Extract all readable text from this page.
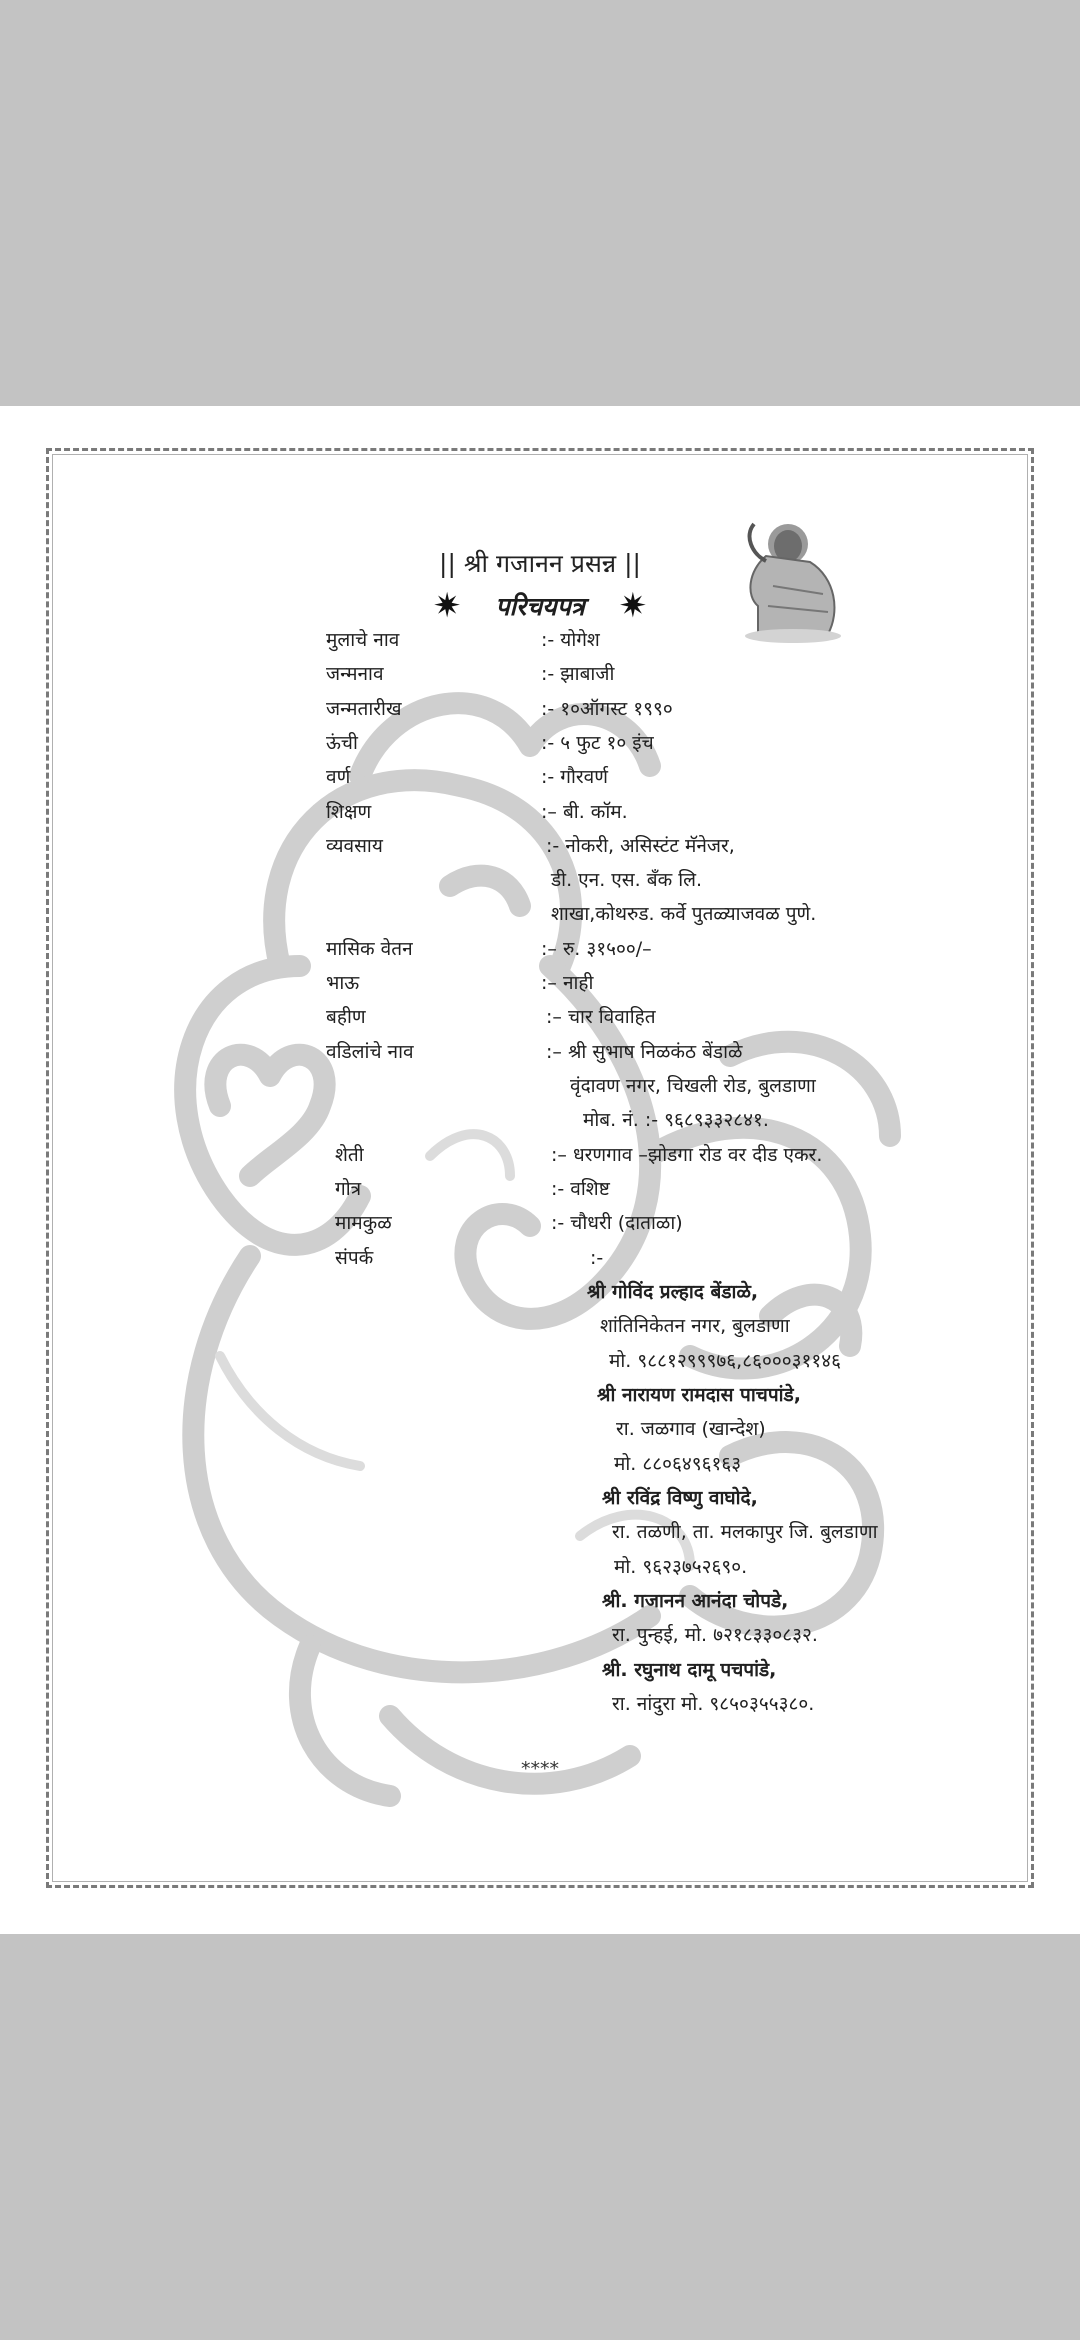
|| श्री गजानन प्रसन्न ||
✷ परिचयपत्र ✷
मुलाचे नाव	:- योगेश
जन्मनाव	:- झाबाजी
जन्मतारीख	:- १०ऑगस्ट १९९०
ऊंची	:- ५ फुट १० इंच
वर्ण	:- गौरवर्ण
शिक्षण	:– बी. कॉम.
व्यवसाय	:- नोकरी, असिस्टंट मॅनेजर,
डी. एन. एस. बँक लि.
शाखा,कोथरुड. कर्वे पुतळ्याजवळ पुणे.
मासिक वेतन	:– रु. ३१५००/–
भाऊ	:– नाही
बहीण	:– चार विवाहित
वडिलांचे नाव	:– श्री सुभाष निळकंठ बेंडाळे
वृंदावण नगर, चिखली रोड, बुलडाणा
मोब. नं. :- ९६८९३३२८४१.
शेती	:– धरणगाव –झोडगा रोड वर दीड एकर.
गोत्र	:- वशिष्ट
मामकुळ	:- चौधरी (दाताळा)
संपर्क	:-
श्री गोविंद प्रल्हाद बेंडाळे,
शांतिनिकेतन नगर, बुलडाणा
मो. ९८८१२९९९७६,८६०००३११४६
श्री नारायण रामदास पाचपांडे,
रा. जळगाव (खान्देश)
मो. ८८०६४९६१६३
श्री रविंद्र विष्णु वाघोदे,
रा. तळणी, ता. मलकापुर जि. बुलडाणा
मो. ९६२३७५२६९०.
श्री. गजानन आनंदा चोपडे,
रा. पुन्हई, मो. ७२१८३३०८३२.
श्री. रघुनाथ दामू पचपांडे,
रा. नांदुरा मो. ९८५०३५५३८०.
****
